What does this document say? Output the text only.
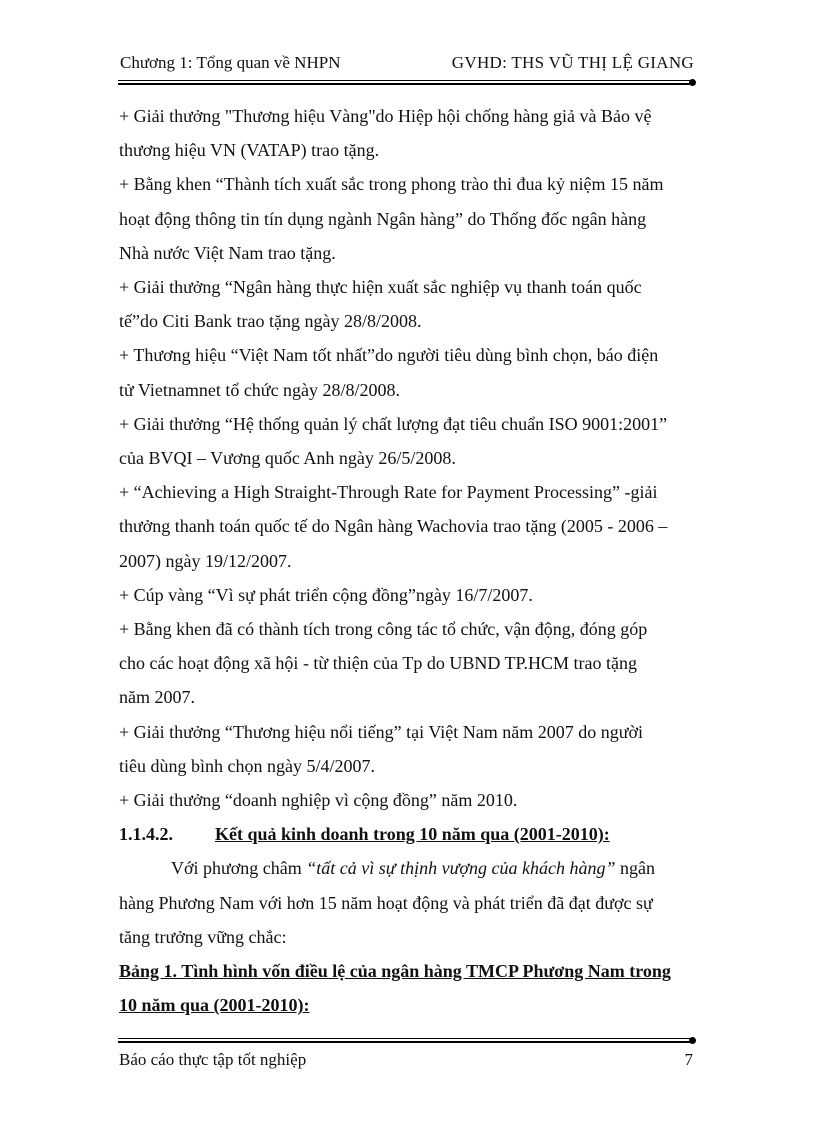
Chương 1: Tổng quan về NHPN	GVHD: THS VŨ THỊ LỆ GIANG

+ Giải thưởng "Thương hiệu Vàng"do Hiệp hội chống hàng giả và Bảo vệ

thương hiệu VN (VATAP) trao tặng.

+ Bằng khen “Thành tích xuất sắc trong phong trào thi đua kỷ niệm 15 năm

hoạt động thông tin tín dụng ngành Ngân hàng” do Thống đốc ngân hàng

Nhà nước Việt Nam trao tặng.

+ Giải thưởng “Ngân hàng thực hiện xuất sắc nghiệp vụ thanh toán quốc

tế”do Citi Bank trao tặng ngày 28/8/2008.

+ Thương hiệu “Việt Nam tốt nhất”do người tiêu dùng bình chọn, báo điện

tử Vietnamnet tổ chức ngày 28/8/2008.

+ Giải thưởng “Hệ thống quản lý chất lượng đạt tiêu chuẩn ISO 9001:2001”

của BVQI – Vương quốc Anh ngày 26/5/2008.

+ “Achieving a High Straight-Through Rate for Payment Processing” -giải

thưởng thanh toán quốc tế do Ngân hàng Wachovia trao tặng (2005 - 2006 –

2007) ngày 19/12/2007.

+ Cúp vàng “Vì sự phát triển cộng đồng”ngày 16/7/2007.

+ Bằng khen đã có thành tích trong công tác tổ chức, vận động, đóng góp

cho các hoạt động xã hội - từ thiện của Tp do UBND TP.HCM trao tặng

năm 2007.

+ Giải thưởng “Thương hiệu nổi tiếng” tại Việt Nam năm 2007 do người

tiêu dùng bình chọn ngày 5/4/2007.

+ Giải thưởng “doanh nghiệp vì cộng đồng” năm 2010.

1.1.4.2. Kết quả kinh doanh trong 10 năm qua (2001-2010):

Với phương châm “tất cả vì sự thịnh vượng của khách hàng” ngân

hàng Phương Nam với hơn 15 năm hoạt động và phát triển đã đạt được sự

tăng trưởng vững chắc:

Bảng 1. Tình hình vốn điều lệ của ngân hàng TMCP Phương Nam trong

10 năm qua (2001-2010):

Báo cáo thực tập tốt nghiệp	7
